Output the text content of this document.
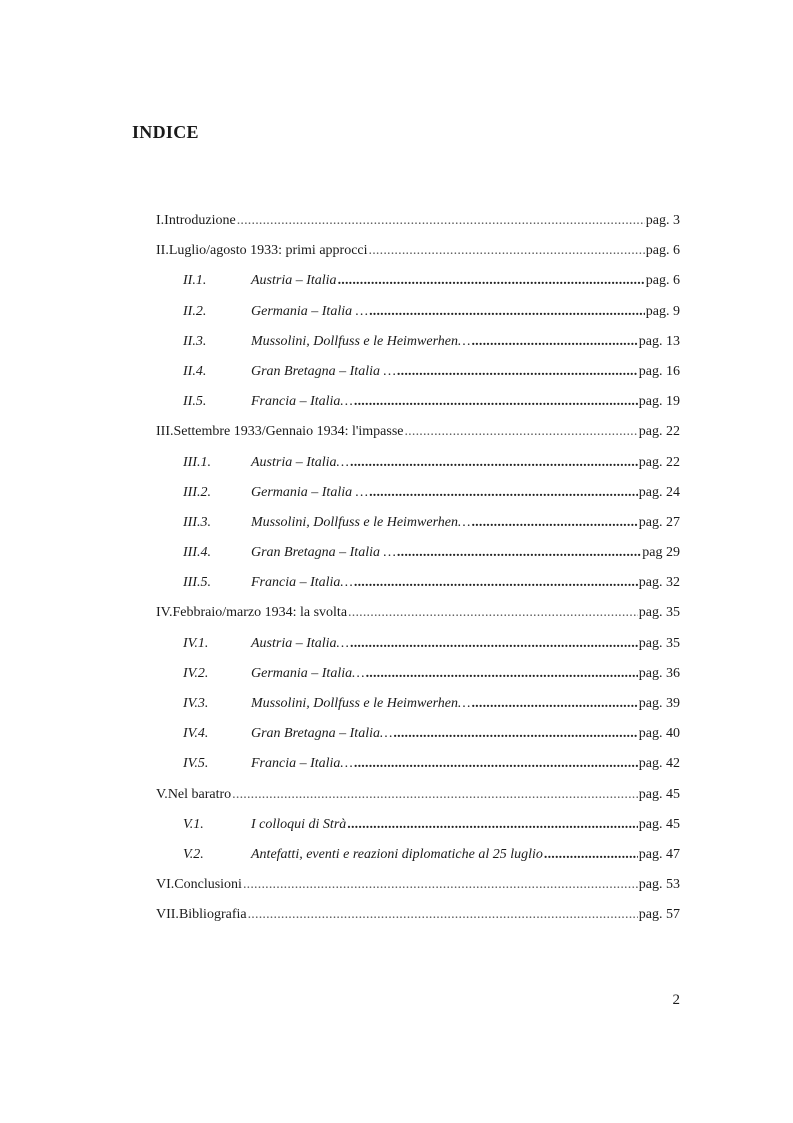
INDICE
I. Introduzione .....	pag. 3
II. Luglio/agosto 1933: primi approcci .....	pag. 6
II.1.	Austria – Italia .....	pag. 6
II.2.	Germania – Italia … .....	pag. 9
II.3.	Mussolini, Dollfuss e le Heimwerhen… .....	pag. 13
II.4.	Gran Bretagna – Italia … .....	pag. 16
II.5.	Francia – Italia… .....	pag. 19
III. Settembre 1933/Gennaio 1934: l'impasse .....	pag. 22
III.1.	Austria – Italia… .....	pag. 22
III.2.	Germania – Italia … .....	pag. 24
III.3.	Mussolini, Dollfuss e le Heimwerhen… .....	pag. 27
III.4.	Gran Bretagna – Italia … .....	pag 29
III.5.	Francia – Italia… .....	pag. 32
IV. Febbraio/marzo 1934: la svolta .....	pag. 35
IV.1.	Austria – Italia… .....	pag. 35
IV.2.	Germania – Italia… .....	pag. 36
IV.3.	Mussolini, Dollfuss e le Heimwerhen… .....	pag. 39
IV.4.	Gran Bretagna – Italia… .....	pag. 40
IV.5.	Francia – Italia… .....	pag. 42
V. Nel baratro .....	pag. 45
V.1.	I colloqui di Strà .....	pag. 45
V.2.	Antefatti, eventi e reazioni diplomatiche al 25 luglio .....	pag. 47
VI. Conclusioni .....	pag. 53
VII. Bibliografia .....	pag. 57
2
